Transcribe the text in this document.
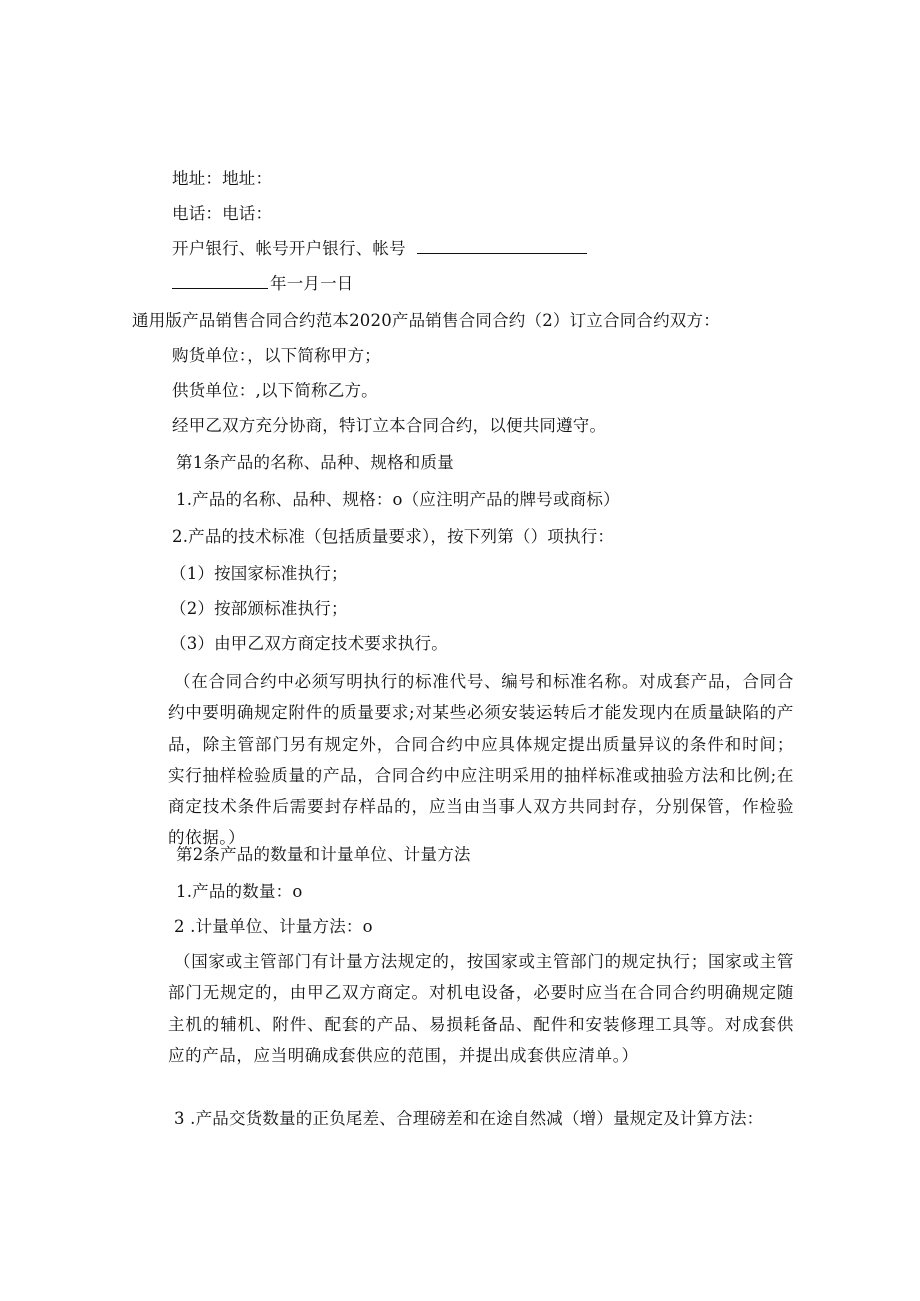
地址：地址：
电话：电话：
开户银行、帐号开户银行、帐号
年一月一日
通用版产品销售合同合约范本2020产品销售合同合约（2）订立合同合约双方：
购货单位：，以下简称甲方；
供货单位：,以下简称乙方。
经甲乙双方充分协商，特订立本合同合约，以便共同遵守。
第1条产品的名称、品种、规格和质量
1.产品的名称、品种、规格：o（应注明产品的牌号或商标）
2.产品的技术标准（包括质量要求），按下列第（）项执行：
（1）按国家标准执行；
（2）按部颁标准执行；
（3）由甲乙双方商定技术要求执行。
（在合同合约中必须写明执行的标准代号、编号和标准名称。对成套产品，合同合约中要明确规定附件的质量要求;对某些必须安装运转后才能发现内在质量缺陷的产品，除主管部门另有规定外，合同合约中应具体规定提出质量异议的条件和时间；实行抽样检验质量的产品，合同合约中应注明采用的抽样标准或抽验方法和比例;在商定技术条件后需要封存样品的，应当由当事人双方共同封存，分别保管，作检验的依据。）
第2条产品的数量和计量单位、计量方法
1.产品的数量：o
2 .计量单位、计量方法：o
（国家或主管部门有计量方法规定的，按国家或主管部门的规定执行；国家或主管部门无规定的，由甲乙双方商定。对机电设备，必要时应当在合同合约明确规定随主机的辅机、附件、配套的产品、易损耗备品、配件和安装修理工具等。对成套供应的产品，应当明确成套供应的范围，并提出成套供应清单。）
3 .产品交货数量的正负尾差、合理磅差和在途自然减（增）量规定及计算方法：
